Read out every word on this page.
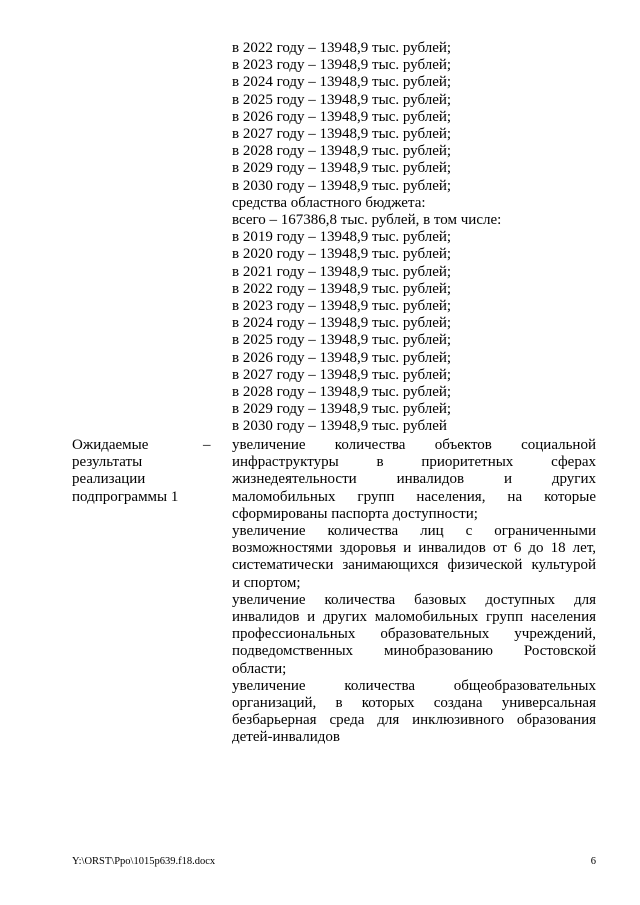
в 2022 году – 13948,9 тыс. рублей;
в 2023 году – 13948,9 тыс. рублей;
в 2024 году – 13948,9 тыс. рублей;
в 2025 году – 13948,9 тыс. рублей;
в 2026 году – 13948,9 тыс. рублей;
в 2027 году – 13948,9 тыс. рублей;
в 2028 году – 13948,9 тыс. рублей;
в 2029 году – 13948,9 тыс. рублей;
в 2030 году – 13948,9 тыс. рублей;
средства областного бюджета:
всего – 167386,8 тыс. рублей, в том числе:
в 2019 году – 13948,9 тыс. рублей;
в 2020 году – 13948,9 тыс. рублей;
в 2021 году – 13948,9 тыс. рублей;
в 2022 году – 13948,9 тыс. рублей;
в 2023 году – 13948,9 тыс. рублей;
в 2024 году – 13948,9 тыс. рублей;
в 2025 году – 13948,9 тыс. рублей;
в 2026 году – 13948,9 тыс. рублей;
в 2027 году – 13948,9 тыс. рублей;
в 2028 году – 13948,9 тыс. рублей;
в 2029 году – 13948,9 тыс. рублей;
в 2030 году – 13948,9 тыс. рублей
Ожидаемые
результаты
реализации
подпрограммы 1
– увеличение количества объектов социальной
инфраструктуры в приоритетных сферах
жизнедеятельности инвалидов и других
маломобильных групп населения, на которые
сформированы паспорта доступности;
увеличение количества лиц с ограниченными
возможностями здоровья и инвалидов от 6 до 18 лет,
систематически занимающихся физической культурой
и спортом;
увеличение количества базовых доступных для
инвалидов и других маломобильных групп населения
профессиональных образовательных учреждений,
подведомственных минобразованию Ростовской
области;
увеличение количества общеобразовательных
организаций, в которых создана универсальная
безбарьерная среда для инклюзивного образования
детей-инвалидов
Y:\ORST\Ppo\1015p639.f18.docx	6
